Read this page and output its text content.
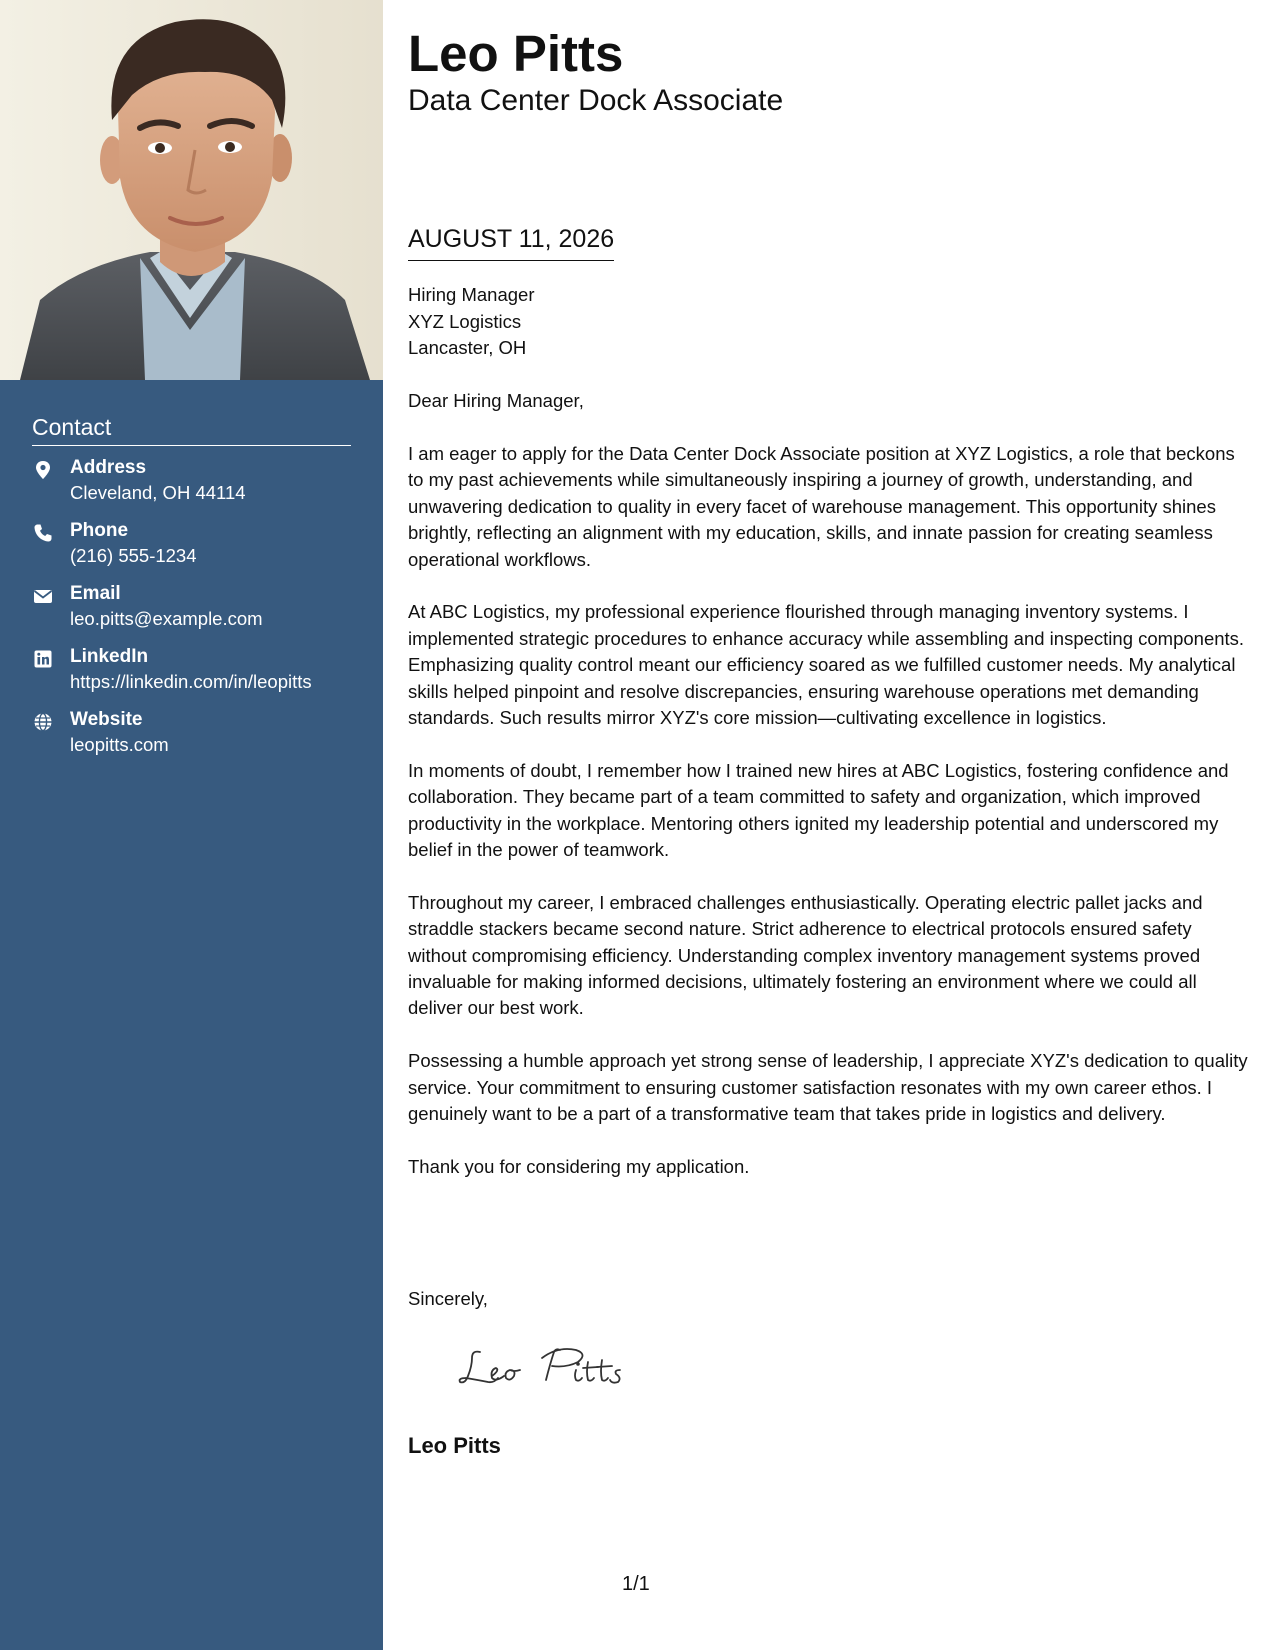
Contact
Address
Cleveland, OH 44114
Phone
(216) 555-1234
Email
leo.pitts@example.com
LinkedIn
https://linkedin.com/in/leopitts
Website
leopitts.com
Leo Pitts
Data Center Dock Associate
AUGUST 11, 2026
Hiring Manager
XYZ Logistics
Lancaster, OH
Dear Hiring Manager,

I am eager to apply for the Data Center Dock Associate position at XYZ Logistics, a role that beckons to my past achievements while simultaneously inspiring a journey of growth, understanding, and unwavering dedication to quality in every facet of warehouse management. This opportunity shines brightly, reflecting an alignment with my education, skills, and innate passion for creating seamless operational workflows.

At ABC Logistics, my professional experience flourished through managing inventory systems. I implemented strategic procedures to enhance accuracy while assembling and inspecting components. Emphasizing quality control meant our efficiency soared as we fulfilled customer needs. My analytical skills helped pinpoint and resolve discrepancies, ensuring warehouse operations met demanding standards. Such results mirror XYZ's core mission—cultivating excellence in logistics.

In moments of doubt, I remember how I trained new hires at ABC Logistics, fostering confidence and collaboration. They became part of a team committed to safety and organization, which improved productivity in the workplace. Mentoring others ignited my leadership potential and underscored my belief in the power of teamwork.

Throughout my career, I embraced challenges enthusiastically. Operating electric pallet jacks and straddle stackers became second nature. Strict adherence to electrical protocols ensured safety without compromising efficiency. Understanding complex inventory management systems proved invaluable for making informed decisions, ultimately fostering an environment where we could all deliver our best work.

Possessing a humble approach yet strong sense of leadership, I appreciate XYZ's dedication to quality service. Your commitment to ensuring customer satisfaction resonates with my own career ethos. I genuinely want to be a part of a transformative team that takes pride in logistics and delivery.

Thank you for considering my application.

Sincerely,
Leo Pitts
1/1
